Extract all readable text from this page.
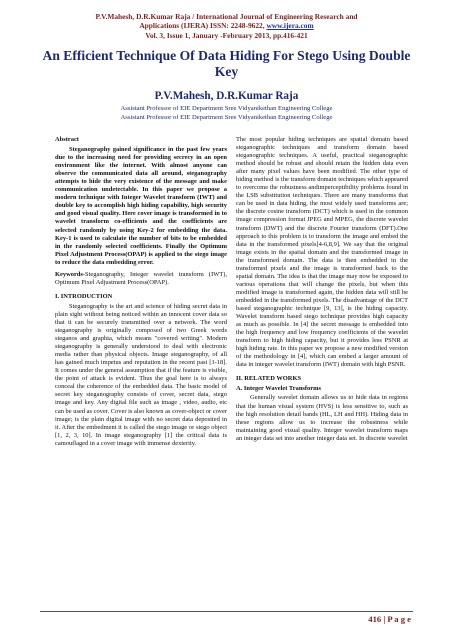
P.V.Mahesh, D.R.Kumar Raja / International Journal of Engineering Research and
Applications (IJERA) ISSN: 2248-9622, www.ijera.com
Vol. 3, Issue 1, January -February 2013, pp.416-421
An Efficient Technique Of Data Hiding For Stego Using Double Key
P.V.Mahesh, D.R.Kumar Raja
Assistant Professor of EIE Department Sree Vidyanikethan Engineering College
Assistant Professor of EIE Department Sree Vidyanikethan Engineering College
Abstract

Steganography gained significance in the past few years due to the increasing need for providing secrecy in an open environment like the internet. With almost anyone can observe the communicated data all around, steganography attempts to hide the very existence of the message and make communication undetectable. In this paper we propose a modern technique with Integer Wavelet transform (IWT) and double key to accomplish high hiding capability, high security and good visual quality. Here cover image is transformed in to wavelet transform co-efficients and the coefficients are selected randomly by using Key-2 for embedding the data. Key-1 is used to calculate the number of bits to be embedded in the randomly selected coefficients. Finally the Optimum Pixel Adjustment Process(OPAP) is applied to the stego image to reduce the data embedding error.

Keywords-Steganography, Integer wavelet transform (IWT), Optimum Pixel Adjustment Process(OPAP).

I. INTRODUCTION

Steganography is the art and science of hiding secret data in plain sight without being noticed within an innocent cover data so that it can be securely transmitted over a network. The word steganography is originally composed of two Greek words steganos and graphia, which means "covered writing". Modern steganography is generally understood to deal with electronic media rather than physical objects. Image steganography, of all has gained much impetus and reputation in the recent past [1-18]. It comes under the general assumption that if the feature is visible, the point of attack is evident. Thus the goal here is to always conceal the coherence of the embedded data. The basic model of secret key steganography consists of cover, secret data, stego image and key. Any digital file such as image , video, audio, etc can be used as cover. Cover is also known as cover-object or cover image; is the plain digital image with no secret data deposited in it. After the embedment it is called the stego image or stego object [1, 2, 3, 10]. In image steganography [1] the critical data is camouflaged in a cover image with immense dexterity.

The most popular hiding techniques are spatial domain based steganographic techniques and transform domain based steganographic techniques. A useful, practical steganographic method should be robust and should retain the hidden data even after many pixel values have been modified. The other type of hiding method is the transform domain techniques which appeared to overcome the robustness andimperceptibility problems found in the LSB substitution techniques. There are many transforms that can be used in data hiding, the most widely used transforms are; the discrete cosine transform (DCT) which is used in the common image compression format JPEG and MPEG, the discrete wavelet transform (DWT) and the discrete Fourier transform (DFT).One approach to this problem is to transform the image and embed the data in the transformed pixels[4-6,8,9]. We say that the original image exists in the spatial domain and the transformed image in the transformed domain. The data is then embedded in the transformed pixels and the image is transformed back to the spatial domain. The idea is that the image may now be exposed to various operations that will change the pixels, but when this modified image is transformed again, the hidden data will still be embedded in the transformed pixels. The disadvantage of the DCT based steganographic technique [9, 13], is the hiding capacity. Wavelet transform based stego technique provides high capacity as much as possible. In [4] the secret message is embedded into the high frequency and low frequency coefficients of the wavelet transform to high hiding capacity, but it provides less PSNR at high hiding rate. In this paper we propose a new modified version of the methodology in [4], which can embed a larger amount of data in integer wavelet transform (IWT) domain with high PSNR.

II. RELATED WORKS
A. Integer Wavelet Transforms

Generally wavelet domain allows us to hide data in regions that the human visual system (HVS) is less sensitive to, such as the high resolution detail bands (HL, LH and HH). Hiding data in these regions allow us to increase the robustness while maintaining good visual quality. Integer wavelet transform maps an integer data set into another integer data set. In discrete wavelet

416 | P a g e
